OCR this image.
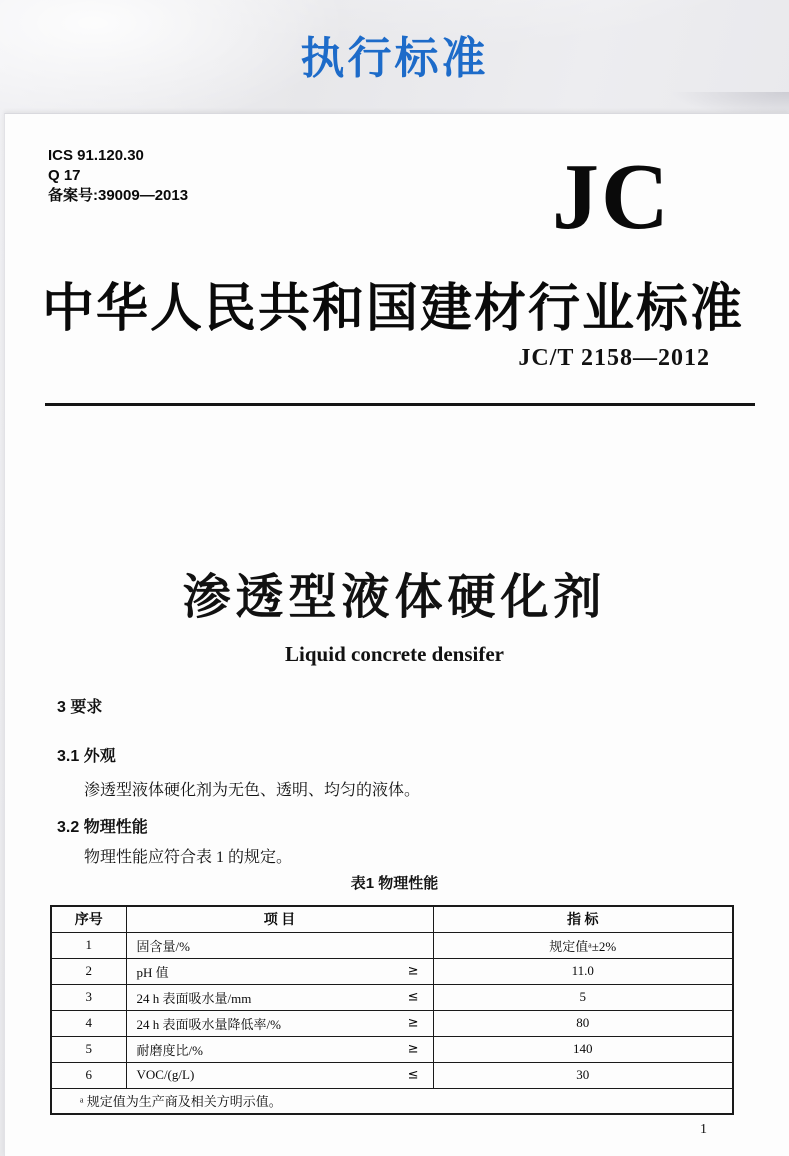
执行标准
ICS 91.120.30
Q 17
备案号:39009—2013	JC
中华人民共和国建材行业标准
JC/T 2158—2012
渗透型液体硬化剂
Liquid concrete densifer
3 要求
3.1 外观
渗透型液体硬化剂为无色、透明、均匀的液体。
3.2 物理性能
物理性能应符合表 1 的规定。
表1 物理性能
序号	项 目	指 标
1	固含量/%	规定值ᵃ±2%
2	pH 值 ≥	11.0
3	24 h 表面吸水量/mm ≤	5
4	24 h 表面吸水量降低率/% ≥	80
5	耐磨度比/% ≥	140
6	VOC/(g/L) ≤	30
ᵃ 规定值为生产商及相关方明示值。		
1
